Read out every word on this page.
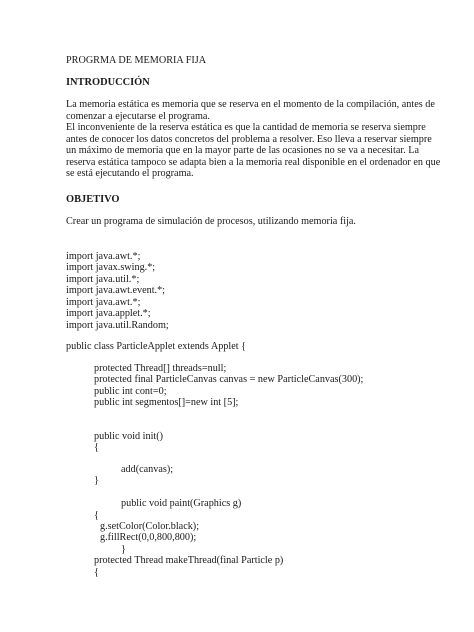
PROGRMA DE MEMORIA FIJA
INTRODUCCIÓN
La memoria estática es memoria que se reserva en el momento de la compilación, antes de
comenzar a ejecutarse el programa.
El inconveniente de la reserva estática es que la cantidad de memoria se reserva siempre
antes de conocer los datos concretos del problema a resolver. Eso lleva a reservar siempre
un máximo de memoria que en la mayor parte de las ocasiones no se va a necesitar. La
reserva estática tampoco se adapta bien a la memoria real disponible en el ordenador en que
se está ejecutando el programa.
OBJETIVO
Crear un programa de simulación de procesos, utilizando memoria fija.
import java.awt.*;
import javax.swing.*;
import java.util.*;
import java.awt.event.*;
import java.awt.*;
import java.applet.*;
import java.util.Random;
public class ParticleApplet extends Applet {
protected Thread[] threads=null;
protected final ParticleCanvas canvas = new ParticleCanvas(300);
public int cont=0;
public int segmentos[]=new int [5];
public void init()
{
add(canvas);
}
public void paint(Graphics g)
{
g.setColor(Color.black);
g.fillRect(0,0,800,800);
}
protected Thread makeThread(final Particle p)
{
